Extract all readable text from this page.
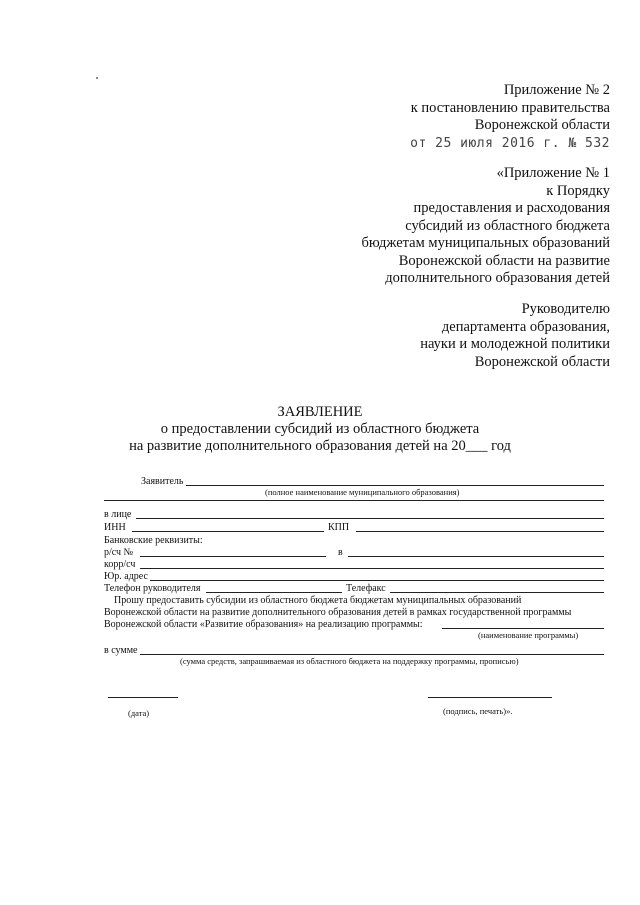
Приложение № 2
к постановлению правительства
Воронежской области
от 25 июля 2016 г. № 532
«Приложение № 1
к Порядку
предоставления и расходования
субсидий из областного бюджета
бюджетам муниципальных образований
Воронежской области на развитие
дополнительного образования детей
Руководителю
департамента образования,
науки и молодежной политики
Воронежской области
ЗАЯВЛЕНИЕ
о предоставлении субсидий из областного бюджета
на развитие дополнительного образования детей на 20___ год
Заявитель
(полное наименование муниципального образования)
в лице
ИНН	КПП
Банковские реквизиты:
р/сч №	в
корр/сч
Юр. адрес
Телефон руководителя	Телефакс
Прошу предоставить субсидии из областного бюджета бюджетам муниципальных образований
Воронежской области на развитие дополнительного образования детей в рамках государственной программы
Воронежской области «Развитие образования» на реализацию программы:
(наименование программы)
в сумме
(сумма средств, запрашиваемая из областного бюджета на поддержку программы, прописью)
(дата)	(подпись, печать)».
